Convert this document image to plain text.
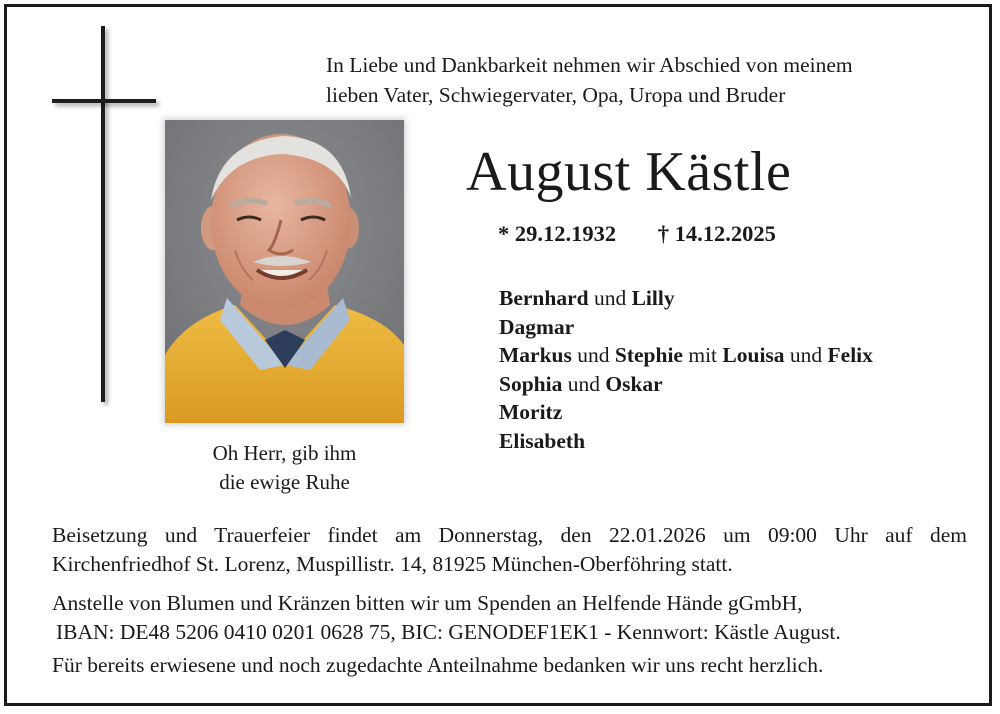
In Liebe und Dankbarkeit nehmen wir Abschied von meinem
lieben Vater, Schwiegervater, Opa, Uropa und Bruder
August Kästle
* 29.12.1932 † 14.12.2025
Bernhard und Lilly
Dagmar
Markus und Stephie mit Louisa und Felix
Sophia und Oskar
Moritz
Elisabeth
Oh Herr, gib ihm
die ewige Ruhe
Beisetzung und Trauerfeier findet am Donnerstag, den 22.01.2026 um 09:00 Uhr auf dem
Kirchenfriedhof St. Lorenz, Muspillistr. 14, 81925 München-Oberföhring statt.
Anstelle von Blumen und Kränzen bitten wir um Spenden an Helfende Hände gGmbH,
IBAN: DE48 5206 0410 0201 0628 75, BIC: GENODEF1EK1 - Kennwort: Kästle August.
Für bereits erwiesene und noch zugedachte Anteilnahme bedanken wir uns recht herzlich.
